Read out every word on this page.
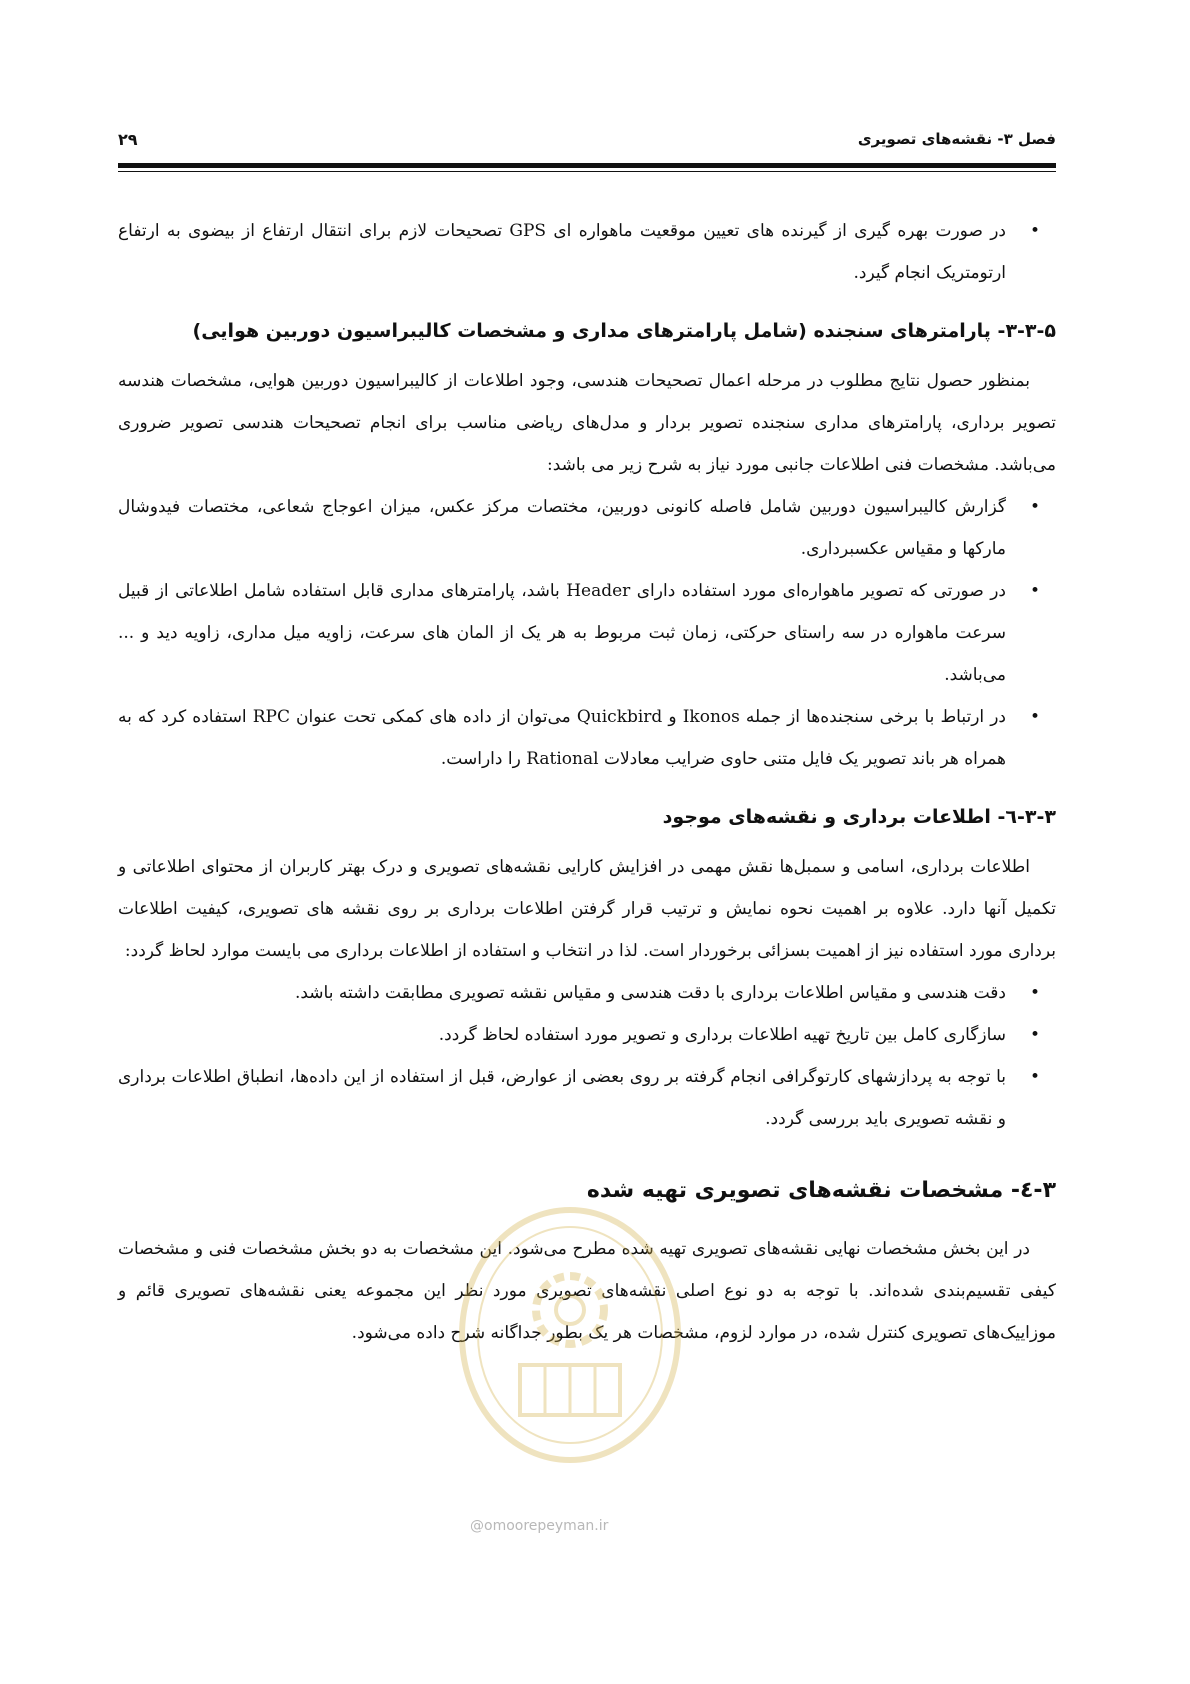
فصل ۳- نقشه‌های تصویری
۲۹
• در صورت بهره گیری از گیرنده های تعیین موقعیت ماهواره ای GPS تصحیحات لازم برای انتقال ارتفاع از بیضوی به ارتفاع ارتومتریک انجام گیرد.
۳-۳-۵- پارامترهای سنجنده (شامل پارامترهای مداری و مشخصات کالیبراسیون دوربین هوایی)

بمنظور حصول نتایج مطلوب در مرحله اعمال تصحیحات هندسی، وجود اطلاعات از کالیبراسیون دوربین هوایی، مشخصات هندسه تصویر برداری، پارامترهای مداری سنجنده تصویر بردار و مدل‌های ریاضی مناسب برای انجام تصحیحات هندسی تصویر ضروری می‌باشد. مشخصات فنی اطلاعات جانبی مورد نیاز به شرح زیر می باشد:

• گزارش کالیبراسیون دوربین شامل فاصله کانونی دوربین، مختصات مرکز عکس، میزان اعوجاج شعاعی، مختصات فیدوشال مارکها و مقیاس عکسبرداری.
• در صورتی که تصویر ماهواره‌ای مورد استفاده دارای Header باشد، پارامترهای مداری قابل استفاده شامل اطلاعاتی از قبیل سرعت ماهواره در سه راستای حرکتی، زمان ثبت مربوط به هر یک از المان های سرعت، زاویه میل مداری، زاویه دید و ... می‌باشد.
• در ارتباط با برخی سنجنده‌ها از جمله Ikonos و Quickbird می‌توان از داده های کمکی تحت عنوان RPC استفاده کرد که به همراه هر باند تصویر یک فایل متنی حاوی ضرایب معادلات Rational را داراست.
۳-۳-٦- اطلاعات برداری و نقشه‌های موجود

اطلاعات برداری، اسامی و سمبل‌ها نقش مهمی در افزایش کارایی نقشه‌های تصویری و درک بهتر کاربران از محتوای اطلاعاتی و تکمیل آنها دارد. علاوه بر اهمیت نحوه نمایش و ترتیب قرار گرفتن اطلاعات برداری بر روی نقشه های تصویری، کیفیت اطلاعات برداری مورد استفاده نیز از اهمیت بسزائی برخوردار است. لذا در انتخاب و استفاده از اطلاعات برداری می بایست موارد لحاظ گردد:

• دقت هندسی و مقیاس اطلاعات برداری با دقت هندسی و مقیاس نقشه تصویری مطابقت داشته باشد.
• سازگاری کامل بین تاریخ تهیه اطلاعات برداری و تصویر مورد استفاده لحاظ گردد.
• با توجه به پردازشهای کارتوگرافی انجام گرفته بر روی بعضی از عوارض، قبل از استفاده از این داده‌ها، انطباق اطلاعات برداری و نقشه تصویری باید بررسی گردد.
۳-٤- مشخصات نقشه‌های تصویری تهیه شده

در این بخش مشخصات نهایی نقشه‌های تصویری تهیه شده مطرح می‌شود. این مشخصات به دو بخش مشخصات فنی و مشخصات کیفی تقسیم‌بندی شده‌اند. با توجه به دو نوع اصلی نقشه‌های تصویری مورد نظر این مجموعه یعنی نقشه‌های تصویری قائم و موزاییک‌های تصویری کنترل شده، در موارد لزوم، مشخصات هر یک بطور جداگانه شرح داده می‌شود.

@omoorepeyman.ir
